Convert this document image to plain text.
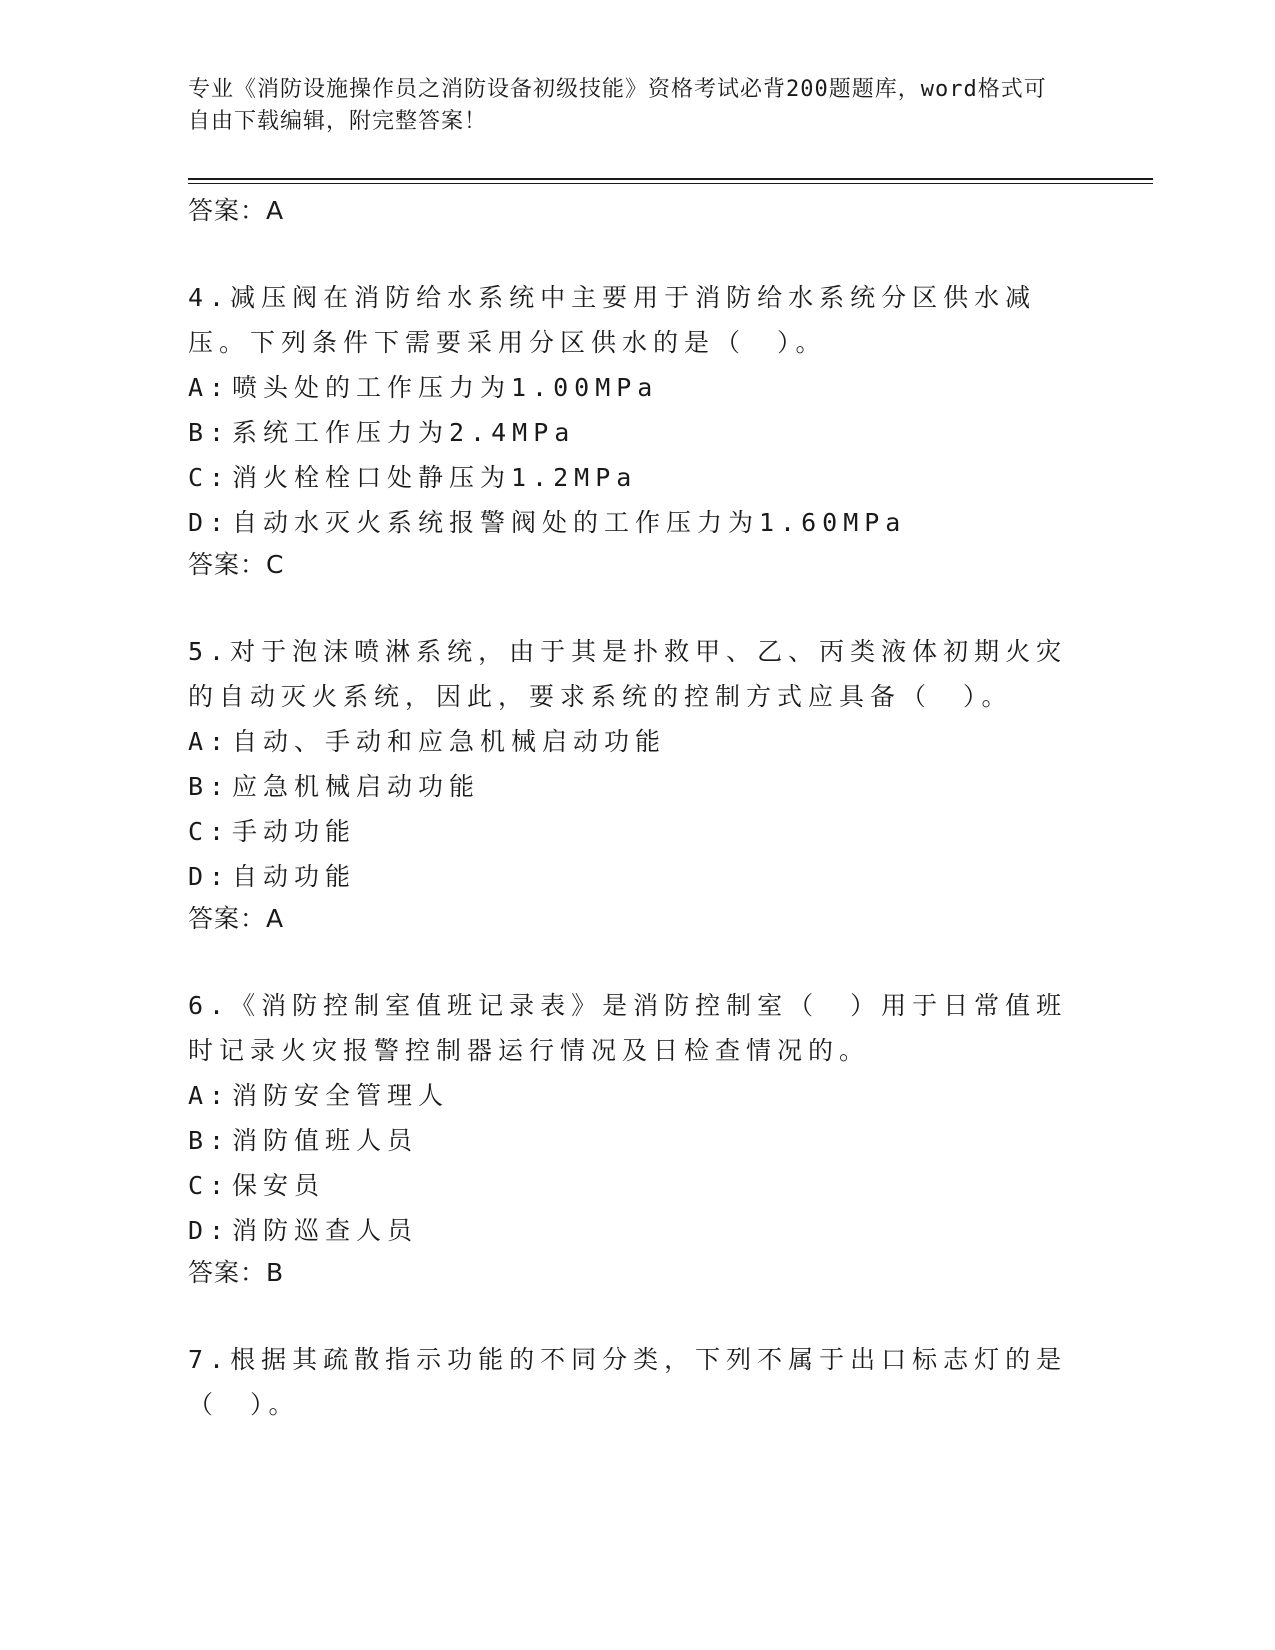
专业《消防设施操作员之消防设备初级技能》资格考试必背200题题库，word格式可自由下载编辑，附完整答案！
答案：A

4.减压阀在消防给水系统中主要用于消防给水系统分区供水减压。下列条件下需要采用分区供水的是（　）。

A:喷头处的工作压力为1.00MPa
B:系统工作压力为2.4MPa
C:消火栓栓口处静压为1.2MPa
D:自动水灭火系统报警阀处的工作压力为1.60MPa
答案：C

5.对于泡沫喷淋系统，由于其是扑救甲、乙、丙类液体初期火灾的自动灭火系统，因此，要求系统的控制方式应具备（　）。

A:自动、手动和应急机械启动功能
B:应急机械启动功能
C:手动功能
D:自动功能
答案：A

6.《消防控制室值班记录表》是消防控制室（　）用于日常值班时记录火灾报警控制器运行情况及日检查情况的。

A:消防安全管理人
B:消防值班人员
C:保安员
D:消防巡查人员
答案：B

7.根据其疏散指示功能的不同分类，下列不属于出口标志灯的是（　）。
